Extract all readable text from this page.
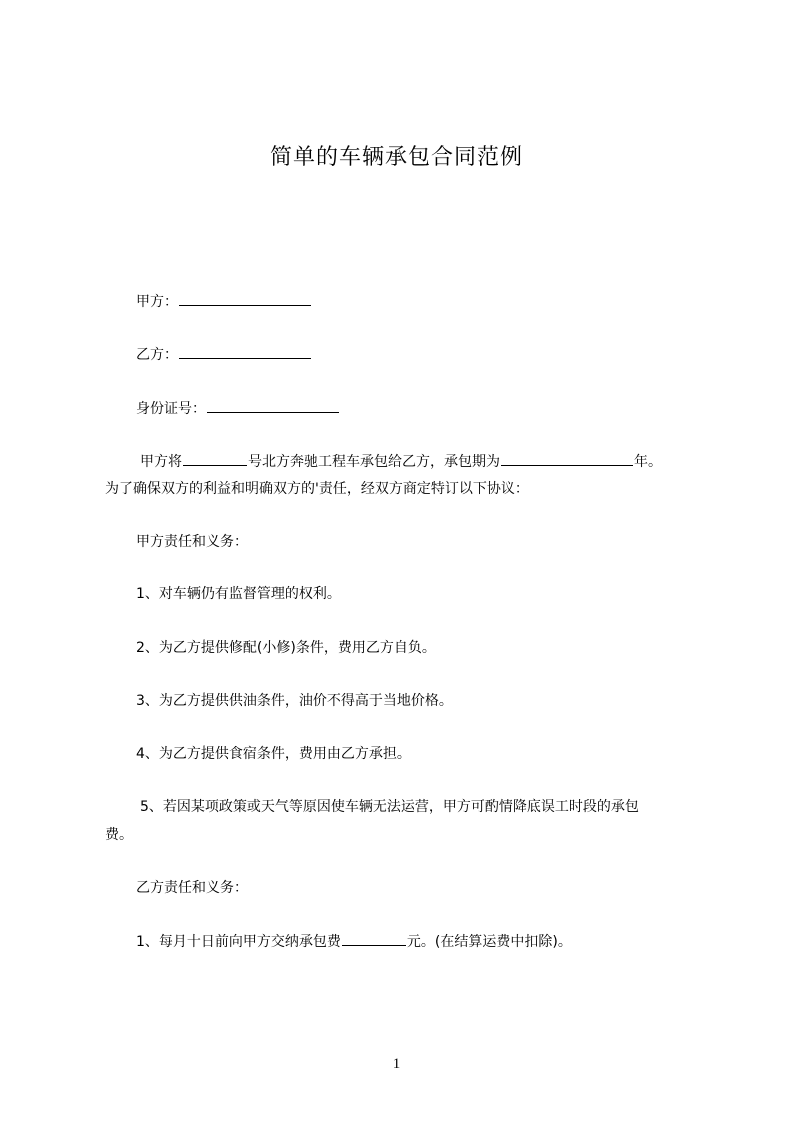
简单的车辆承包合同范例
甲方：
乙方：
身份证号：
甲方将	号北方奔驰工程车承包给乙方，承包期为	年。
为了确保双方的利益和明确双方的'责任，经双方商定特订以下协议：
甲方责任和义务：
1、对车辆仍有监督管理的权利。
2、为乙方提供修配(小修)条件，费用乙方自负。
3、为乙方提供供油条件，油价不得高于当地价格。
4、为乙方提供食宿条件，费用由乙方承担。
5、若因某项政策或天气等原因使车辆无法运营，甲方可酌情降底误工时段的承包
费。
乙方责任和义务：
1、每月十日前向甲方交纳承包费	元。(在结算运费中扣除)。
1
